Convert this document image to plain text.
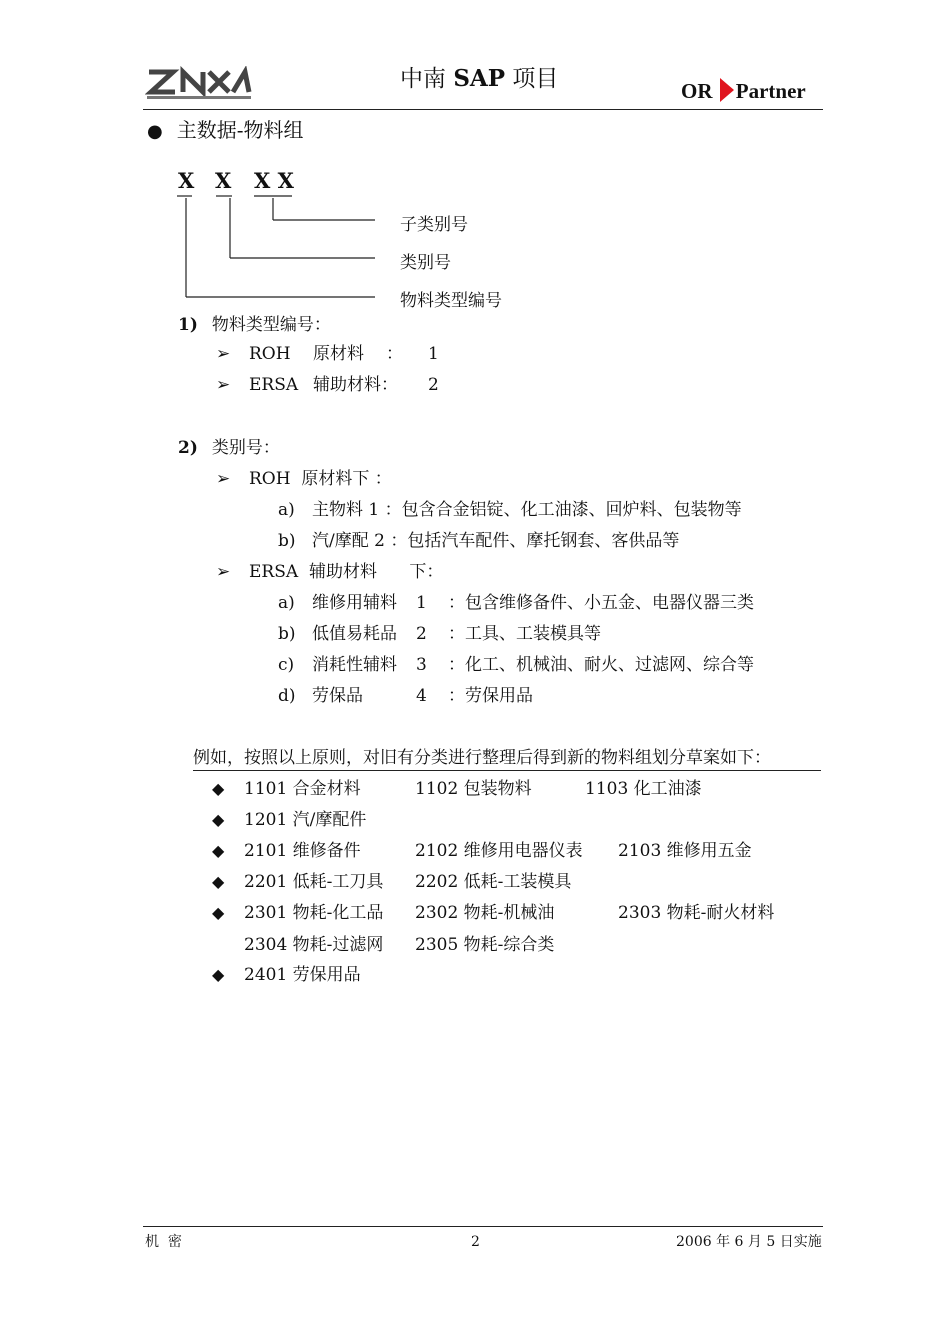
中南 SAP 项目	OR Partner
● 主数据-物料组
X X X X
子类别号
类别号
物料类型编号
1) 物料类型编号：
➢ ROH 原材料 ： 1
➢ ERSA 辅助材料： 2
2) 类别号：
➢ ROH  原材料下 ：
a) 主物料 1 ：包含合金铝锭、化工油漆、回炉料、包装物等
b) 汽/摩配 2 ：包括汽车配件、摩托钢套、客供品等
➢ ERSA  辅助材料      下：
a) 维修用辅料 1 ：包含维修备件、小五金、电器仪器三类
b) 低值易耗品 2 ：工具、工装模具等
c) 消耗性辅料 3 ：化工、机械油、耐火、过滤网、综合等
d) 劳保品	4 ：劳保用品
例如，按照以上原则，对旧有分类进行整理后得到新的物料组划分草案如下：
◆ 1101 合金材料	1102 包装物料	1103 化工油漆
◆ 1201 汽/摩配件
◆ 2101 维修备件	2102 维修用电器仪表 2103 维修用五金
◆ 2201 低耗-工刀具 2202 低耗-工装模具
◆ 2301 物耗-化工品 2302 物耗-机械油	2303 物耗-耐火材料
2304 物耗-过滤网 2305 物耗-综合类
◆ 2401 劳保用品
机  密	2	2006 年 6 月 5 日实施
